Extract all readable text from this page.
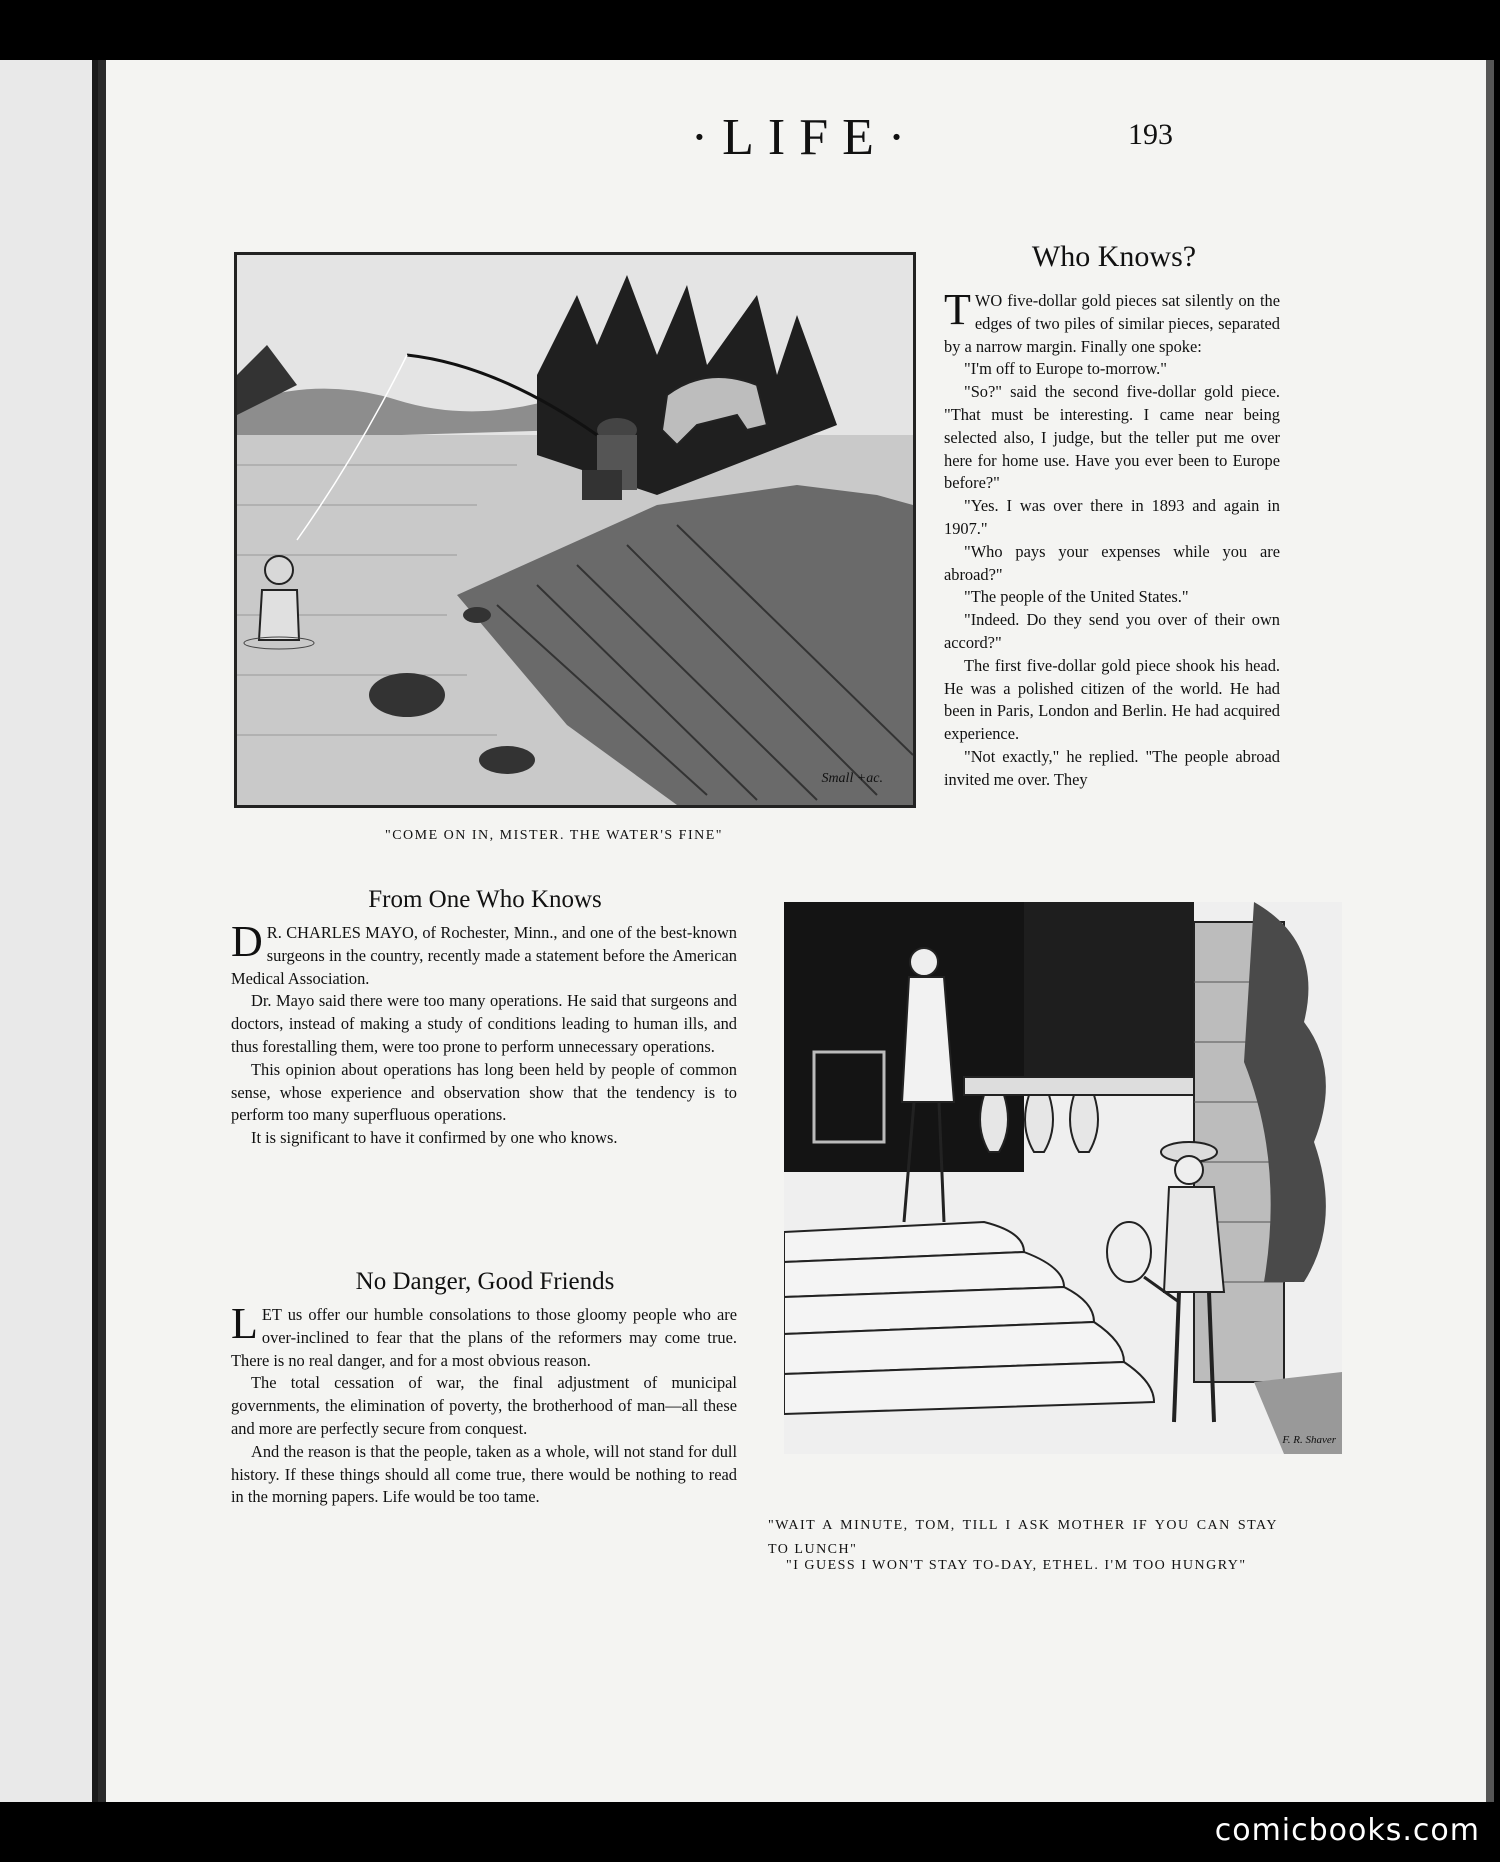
·LIFE·	193
Small +ac.
"COME ON IN, MISTER. THE WATER'S FINE"
Who Knows?

TWO five-dollar gold pieces sat silently on the edges of two piles of similar pieces, separated by a narrow margin. Finally one spoke:

"I'm off to Europe to-morrow."

"So?" said the second five-dollar gold piece. "That must be interesting. I came near being selected also, I judge, but the teller put me over here for home use. Have you ever been to Europe before?"

"Yes. I was over there in 1893 and again in 1907."

"Who pays your expenses while you are abroad?"

"The people of the United States."

"Indeed. Do they send you over of their own accord?"

The first five-dollar gold piece shook his head. He was a polished citizen of the world. He had been in Paris, London and Berlin. He had acquired experience.

"Not exactly," he replied. "The people abroad invited me over. They

From One Who Knows

D R. CHARLES MAYO, of Rochester, Minn., and one of the best-known surgeons in the country, recently made a statement before the American Medical Association.

Dr. Mayo said there were too many operations. He said that surgeons and doctors, instead of making a study of conditions leading to human ills, and thus forestalling them, were too prone to perform unnecessary operations.

This opinion about operations has long been held by people of common sense, whose experience and observation show that the tendency is to perform too many superfluous operations.

It is significant to have it confirmed by one who knows.

No Danger, Good Friends

LET us offer our humble consolations to those gloomy people who are over-inclined to fear that the plans of the reformers may come true. There is no real danger, and for a most obvious reason.

The total cessation of war, the final adjustment of municipal governments, the elimination of poverty, the brotherhood of man—all these and more are perfectly secure from conquest.

And the reason is that the people, taken as a whole, will not stand for dull history. If these things should all come true, there would be nothing to read in the morning papers. Life would be too tame.

F. R. Shaver
"WAIT A MINUTE, TOM, TILL I ASK MOTHER IF YOU CAN STAY TO LUNCH"
"I GUESS I WON'T STAY TO-DAY, ETHEL. I'M TOO HUNGRY"
comicbooks.com
